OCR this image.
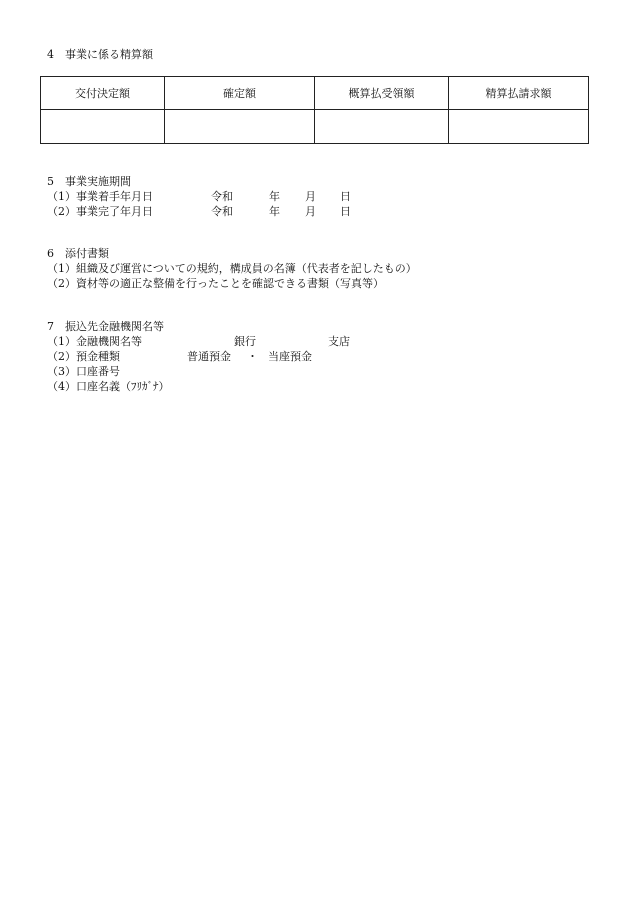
4　事業に係る精算額
交付決定額	確定額	概算払受領額	精算払請求額

5　事業実施期間
（1）事業着手年月日	令和	年 月 日
（2）事業完了年月日	令和	年 月 日
6　添付書類
（1）組織及び運営についての規約，構成員の名簿（代表者を記したもの）
（2）資材等の適正な整備を行ったことを確認できる書類（写真等）
7　振込先金融機関名等
（1）金融機関名等	銀行	支店
（2）預金種類	普通預金 ・ 当座預金
（3）口座番号
（4）口座名義（ﾌﾘｶﾞﾅ）
